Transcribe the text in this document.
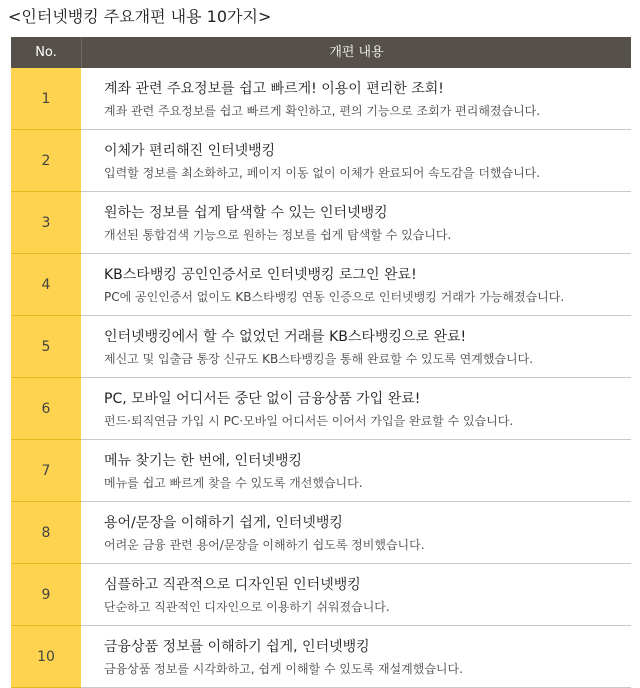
<인터넷뱅킹 주요개편 내용 10가지>
No.	개편 내용
1
계좌 관련 주요정보를 쉽고 빠르게! 이용이 편리한 조회!
계좌 관련 주요정보를 쉽고 빠르게 확인하고, 편의 기능으로 조회가 편리해졌습니다.
2
이체가 편리해진 인터넷뱅킹
입력할 정보를 최소화하고, 페이지 이동 없이 이체가 완료되어 속도감을 더했습니다.
3
원하는 정보를 쉽게 탐색할 수 있는 인터넷뱅킹
개선된 통합검색 기능으로 원하는 정보를 쉽게 탐색할 수 있습니다.
4
KB스타뱅킹 공인인증서로 인터넷뱅킹 로그인 완료!
PC에 공인인증서 없이도 KB스타뱅킹 연동 인증으로 인터넷뱅킹 거래가 가능해졌습니다.
5
인터넷뱅킹에서 할 수 없었던 거래를 KB스타뱅킹으로 완료!
제신고 및 입출금 통장 신규도 KB스타뱅킹을 통해 완료할 수 있도록 연계했습니다.
6
PC, 모바일 어디서든 중단 없이 금융상품 가입 완료!
펀드·퇴직연금 가입 시 PC·모바일 어디서든 이어서 가입을 완료할 수 있습니다.
7
메뉴 찾기는 한 번에, 인터넷뱅킹
메뉴를 쉽고 빠르게 찾을 수 있도록 개선했습니다.
8
용어/문장을 이해하기 쉽게, 인터넷뱅킹
어려운 금융 관련 용어/문장을 이해하기 쉽도록 정비했습니다.
9
심플하고 직관적으로 디자인된 인터넷뱅킹
단순하고 직관적인 디자인으로 이용하기 쉬워졌습니다.
10
금융상품 정보를 이해하기 쉽게, 인터넷뱅킹
금융상품 정보를 시각화하고, 쉽게 이해할 수 있도록 재설계했습니다.
